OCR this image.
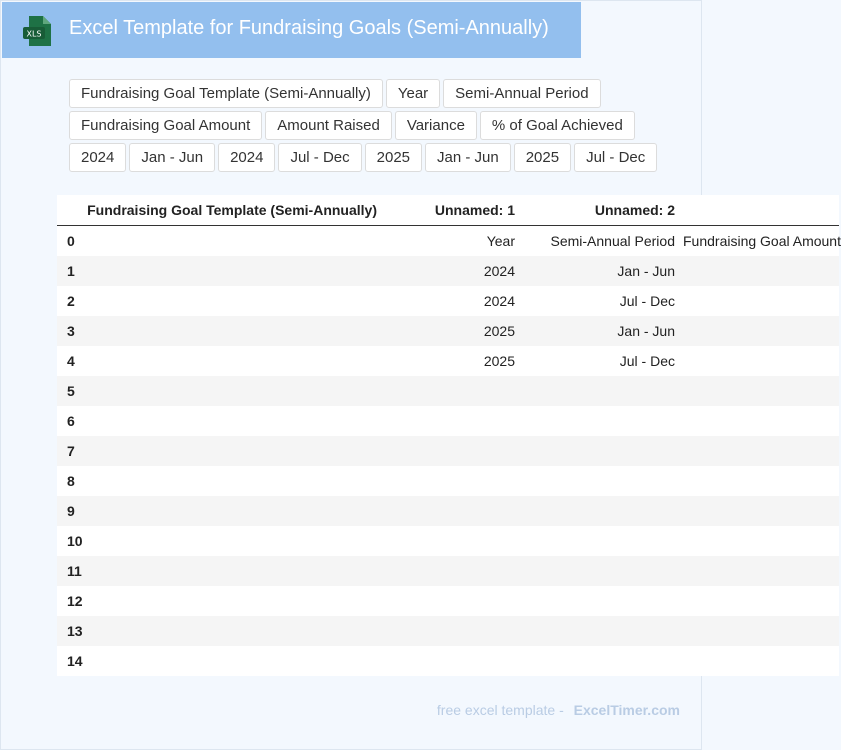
XLS Excel Template for Fundraising Goals (Semi-Annually)
Fundraising Goal Template (Semi-Annually)	Year	Semi-Annual Period
Fundraising Goal Amount	Amount Raised	Variance	% of Goal Achieved
2024	Jan - Jun	2024	Jul - Dec	2025	Jan - Jun	2025	Jul - Dec
	Fundraising Goal Template (Semi-Annually)	Unnamed: 1	Unnamed: 2	
0		Year	Semi-Annual Period	Fundraising Goal Amount
1		2024	Jan - Jun	
2		2024	Jul - Dec	
3		2025	Jan - Jun	
4		2025	Jul - Dec	
5				
6				
7				
8				
9				
10				
11				
12				
13				
14				
free excel template - ExcelTimer.com
